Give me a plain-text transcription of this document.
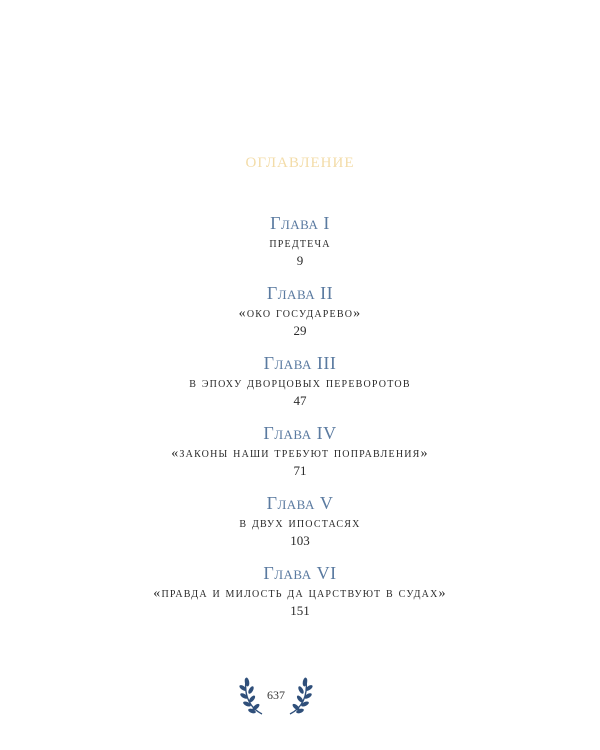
оглавление
Глава I
предтеча
9
Глава II
«око государево»
29
Глава III
в эпоху дворцовых переворотов
47
Глава IV
«законы наши требуют поправления»
71
Глава V
в двух ипостасях
103
Глава VI
«правда и милость да царствуют в судах»
151
637
